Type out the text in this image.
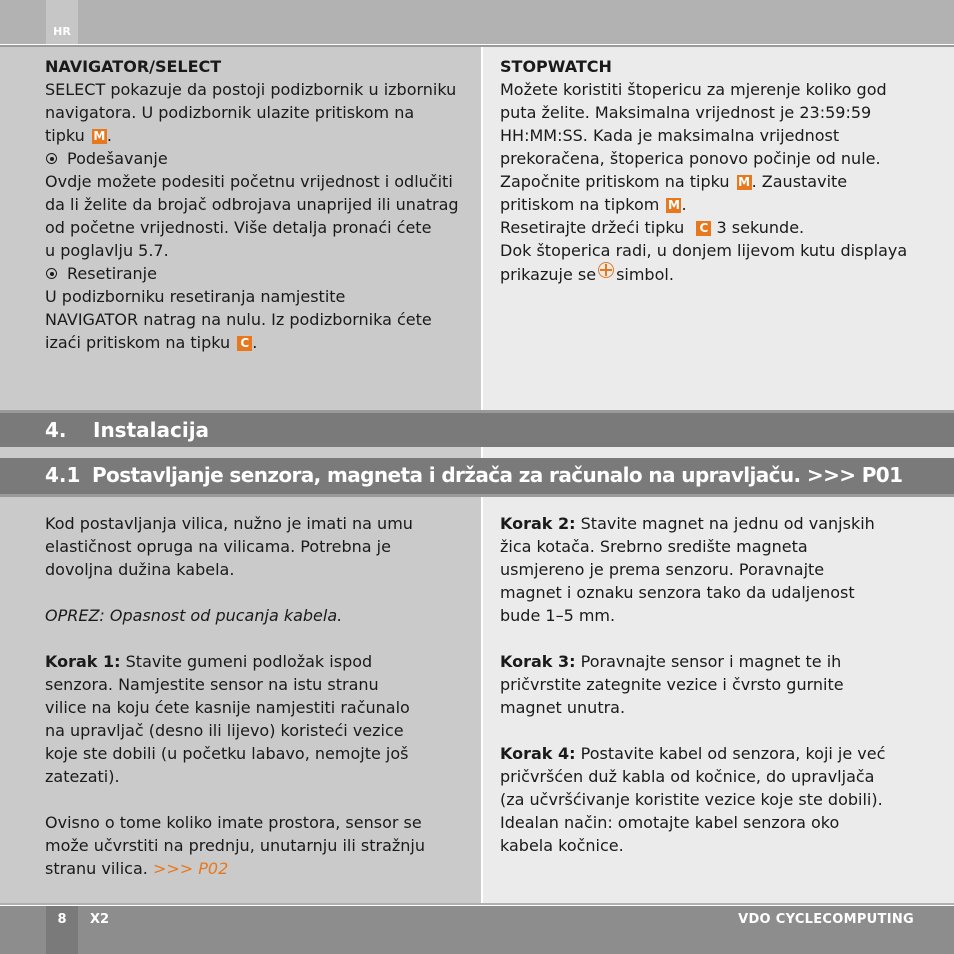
HR

NAVIGATOR/SELECT

SELECT pokazuje da postoji podizbornik u izborniku

navigatora. U podizbornik ulazite pritiskom na

tipku M.

Podešavanje

Ovdje možete podesiti početnu vrijednost i odlučiti

da li želite da brojač odbrojava unaprijed ili unatrag

od početne vrijednosti. Više detalja pronaći ćete

u poglavlju 5.7.

Resetiranje

U podizborniku resetiranja namjestite

NAVIGATOR natrag na nulu. Iz podizbornika ćete

izaći pritiskom na tipku C .

STOPWATCH

Možete koristiti štopericu za mjerenje koliko god

puta želite. Maksimalna vrijednost je 23:59:59

HH:MM:SS. Kada je maksimalna vrijednost

prekoračena, štoperica ponovo počinje od nule.

Započnite pritiskom na tipku M. Zaustavite

pritiskom na tipkom M.

Resetirajte držeći tipku C 3 sekunde.

Dok štoperica radi, u donjem lijevom kutu displaya

prikazuje se simbol.

4. Instalacija
4.1 Postavljanje senzora, magneta i držača za računalo na upravljaču. >>> P01

Kod postavljanja vilica, nužno je imati na umu

elastičnost opruga na vilicama. Potrebna je

dovoljna dužina kabela.

OPREZ: Opasnost od pucanja kabela.

Korak 1: Stavite gumeni podložak ispod

senzora. Namjestite sensor na istu stranu

vilice na koju ćete kasnije namjestiti računalo

na upravljač (desno ili lijevo) koristeći vezice

koje ste dobili (u početku labavo, nemojte još

zatezati).

Ovisno o tome koliko imate prostora, sensor se

može učvrstiti na prednju, unutarnju ili stražnju

stranu vilica. >>> P02

Korak 2: Stavite magnet na jednu od vanjskih

žica kotača. Srebrno središte magneta

usmjereno je prema senzoru. Poravnajte

magnet i oznaku senzora tako da udaljenost

bude 1–5 mm.

Korak 3: Poravnajte sensor i magnet te ih

pričvrstite zategnite vezice i čvrsto gurnite

magnet unutra.

Korak 4: Postavite kabel od senzora, koji je već

pričvršćen duž kabla od kočnice, do upravljača

(za učvršćivanje koristite vezice koje ste dobili).

Idealan način: omotajte kabel senzora oko

kabela kočnice.

8	X2	VDO CYCLECOMPUTING
